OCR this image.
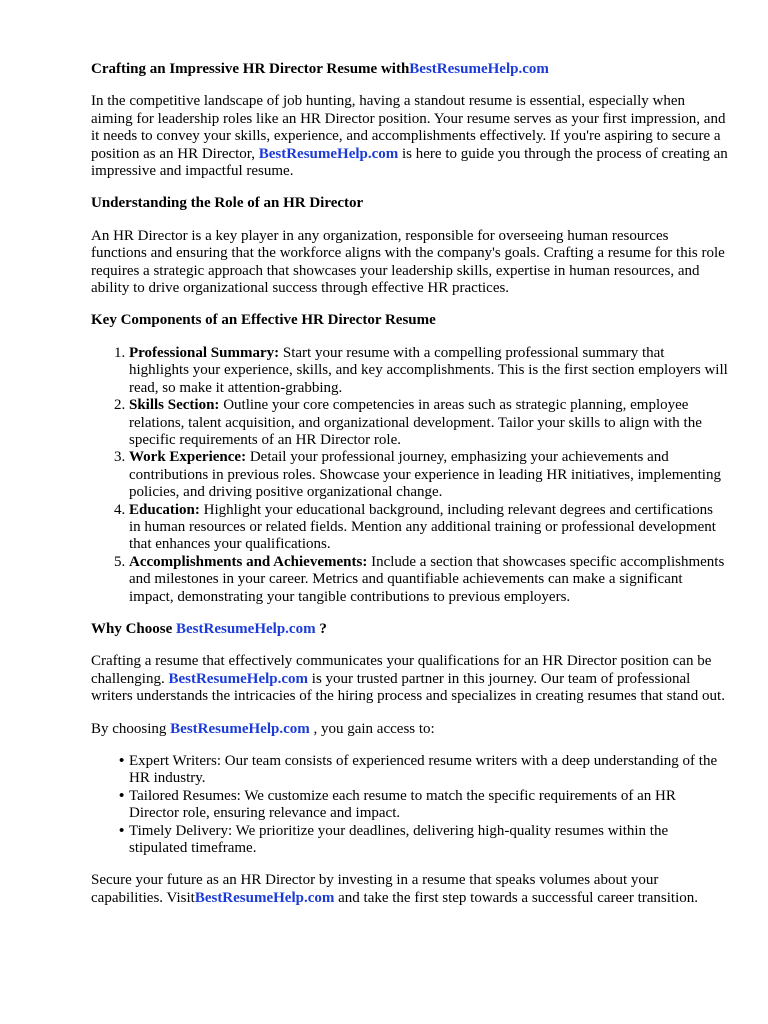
Crafting an Impressive HR Director Resume withBestResumeHelp.com

In the competitive landscape of job hunting, having a standout resume is essential, especially when aiming for leadership roles like an HR Director position. Your resume serves as your first impression, and it needs to convey your skills, experience, and accomplishments effectively. If you're aspiring to secure a position as an HR Director, BestResumeHelp.com is here to guide you through the process of creating an impressive and impactful resume.

Understanding the Role of an HR Director

An HR Director is a key player in any organization, responsible for overseeing human resources functions and ensuring that the workforce aligns with the company's goals. Crafting a resume for this role requires a strategic approach that showcases your leadership skills, expertise in human resources, and ability to drive organizational success through effective HR practices.

Key Components of an Effective HR Director Resume
1. Professional Summary: Start your resume with a compelling professional summary that highlights your experience, skills, and key accomplishments. This is the first section employers will read, so make it attention-grabbing.
2. Skills Section: Outline your core competencies in areas such as strategic planning, employee relations, talent acquisition, and organizational development. Tailor your skills to align with the specific requirements of an HR Director role.
3. Work Experience: Detail your professional journey, emphasizing your achievements and contributions in previous roles. Showcase your experience in leading HR initiatives, implementing policies, and driving positive organizational change.
4. Education: Highlight your educational background, including relevant degrees and certifications in human resources or related fields. Mention any additional training or professional development that enhances your qualifications.
5. Accomplishments and Achievements: Include a section that showcases specific accomplishments and milestones in your career. Metrics and quantifiable achievements can make a significant impact, demonstrating your tangible contributions to previous employers.
Why Choose BestResumeHelp.com ?

Crafting a resume that effectively communicates your qualifications for an HR Director position can be challenging. BestResumeHelp.com is your trusted partner in this journey. Our team of professional writers understands the intricacies of the hiring process and specializes in creating resumes that stand out.

By choosing BestResumeHelp.com , you gain access to:

• Expert Writers: Our team consists of experienced resume writers with a deep understanding of the HR industry.
• Tailored Resumes: We customize each resume to match the specific requirements of an HR Director role, ensuring relevance and impact.
• Timely Delivery: We prioritize your deadlines, delivering high-quality resumes within the stipulated timeframe.

Secure your future as an HR Director by investing in a resume that speaks volumes about your capabilities. VisitBestResumeHelp.com and take the first step towards a successful career transition.
